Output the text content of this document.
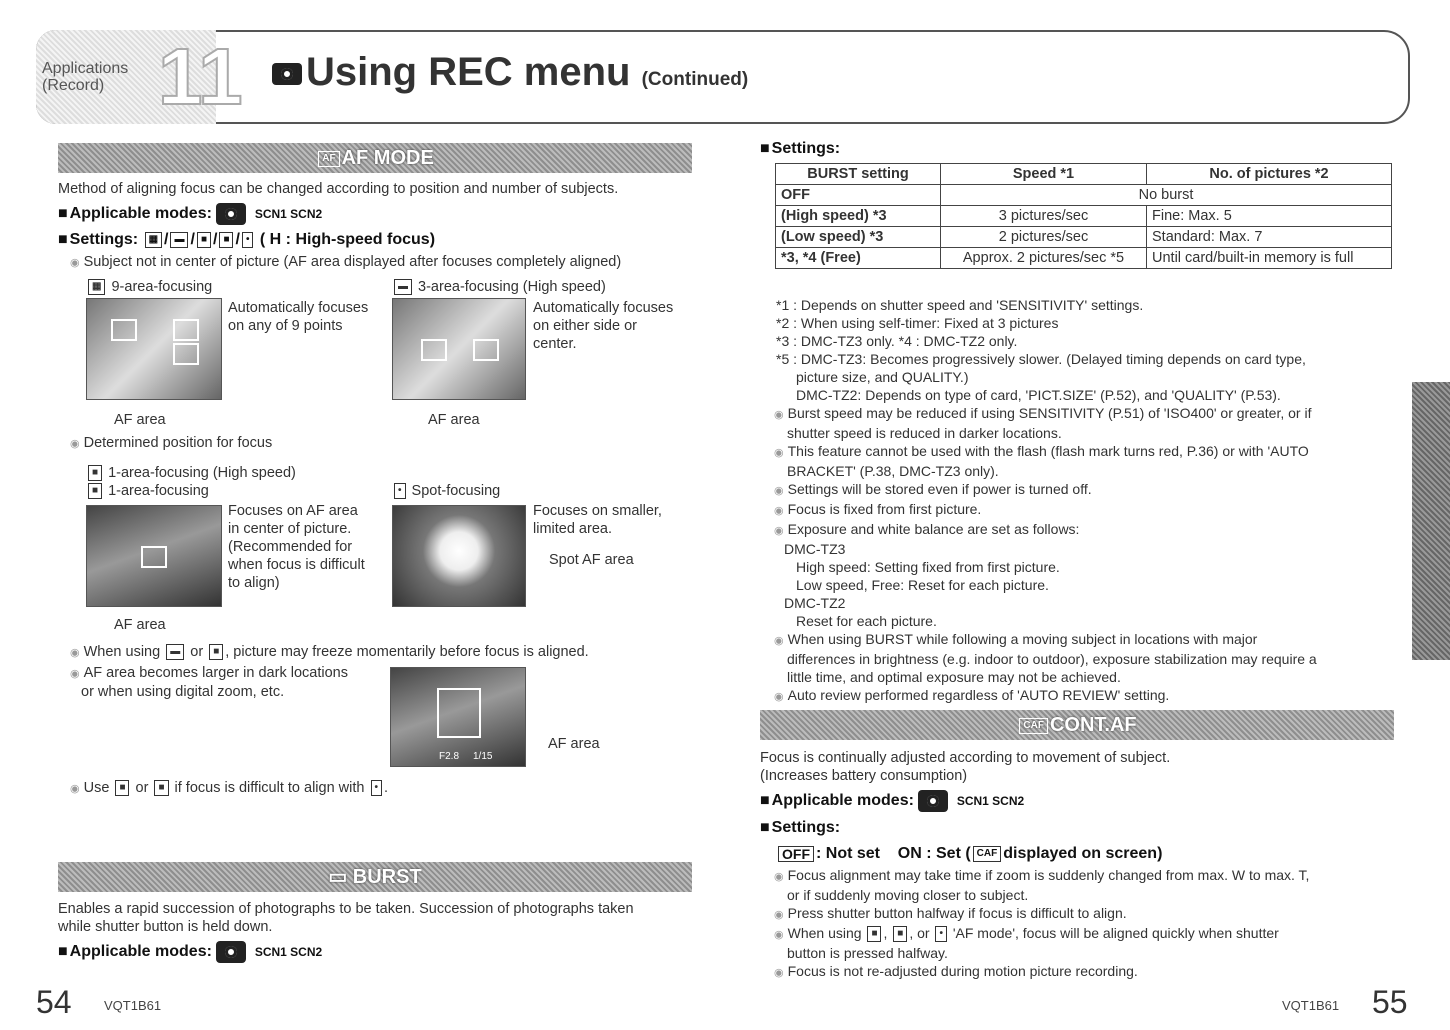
Applications
(Record) 11	Using REC menu (Continued)
AF AF MODE
Method of aligning focus can be changed according to position and number of subjects.
■ Applicable modes:	SCN1 SCN2
■ Settings: ▦ / ▬ / ■ / ■ / • ( H : High-speed focus)
◉ Subject not in center of picture (AF area displayed after focuses completely aligned)
▦ 9-area-focusing
Automatically focuses
on any of 9 points
AF area
▬ 3-area-focusing (High speed)
Automatically focuses
on either side or
center.
AF area
◉ Determined position for focus
■ 1-area-focusing (High speed)
■ 1-area-focusing
Focuses on AF area
in center of picture.
(Recommended for
when focus is difficult
to align)
AF area
• Spot-focusing
Focuses on smaller,
limited area.
Spot AF area
◉ When using ▬ or ■ , picture may freeze momentarily before focus is aligned.
◉ AF area becomes larger in dark locations
or when using digital zoom, etc.
F2.8 1/15
AF area
◉ Use ■ or ■ if focus is difficult to align with • .
▭ BURST
Enables a rapid succession of photographs to be taken. Succession of photographs taken
while shutter button is held down.
■ Applicable modes:	SCN1 SCN2
■ Settings:
BURST setting	Speed *1	No. of pictures *2
OFF	No burst	
(High speed) *3	3 pictures/sec	Fine: Max. 5
(Low speed) *3	2 pictures/sec	Standard: Max. 7
*3, *4 (Free)	Approx. 2 pictures/sec *5	Until card/built-in memory is full
*1 : Depends on shutter speed and 'SENSITIVITY' settings.
*2 : When using self-timer: Fixed at 3 pictures
*3 : DMC-TZ3 only. *4 : DMC-TZ2 only.
*5 : DMC-TZ3: Becomes progressively slower. (Delayed timing depends on card type,
picture size, and QUALITY.)
DMC-TZ2: Depends on type of card, 'PICT.SIZE' (P.52), and 'QUALITY' (P.53).
◉ Burst speed may be reduced if using SENSITIVITY (P.51) of 'ISO400' or greater, or if
shutter speed is reduced in darker locations.
◉ This feature cannot be used with the flash (flash mark turns red, P.36) or with 'AUTO
BRACKET' (P.38, DMC-TZ3 only).
◉ Settings will be stored even if power is turned off.
◉ Focus is fixed from first picture.
◉ Exposure and white balance are set as follows:
DMC-TZ3
High speed: Setting fixed from first picture.
Low speed, Free: Reset for each picture.
DMC-TZ2
Reset for each picture.
◉ When using BURST while following a moving subject in locations with major
differences in brightness (e.g. indoor to outdoor), exposure stabilization may require a
little time, and optimal exposure may not be achieved.
◉ Auto review performed regardless of 'AUTO REVIEW' setting.
CAF CONT.AF
Focus is continually adjusted according to movement of subject.
(Increases battery consumption)
■ Applicable modes:	SCN1 SCN2
■ Settings:
OFF : Not set ON : Set ( CAF displayed on screen)
◉ Focus alignment may take time if zoom is suddenly changed from max. W to max. T,
or if suddenly moving closer to subject.
◉ Press shutter button halfway if focus is difficult to align.
◉ When using ■ , ■ , or • 'AF mode', focus will be aligned quickly when shutter
button is pressed halfway.
◉ Focus is not re-adjusted during motion picture recording.
54 VQT1B61	VQT1B61 55
